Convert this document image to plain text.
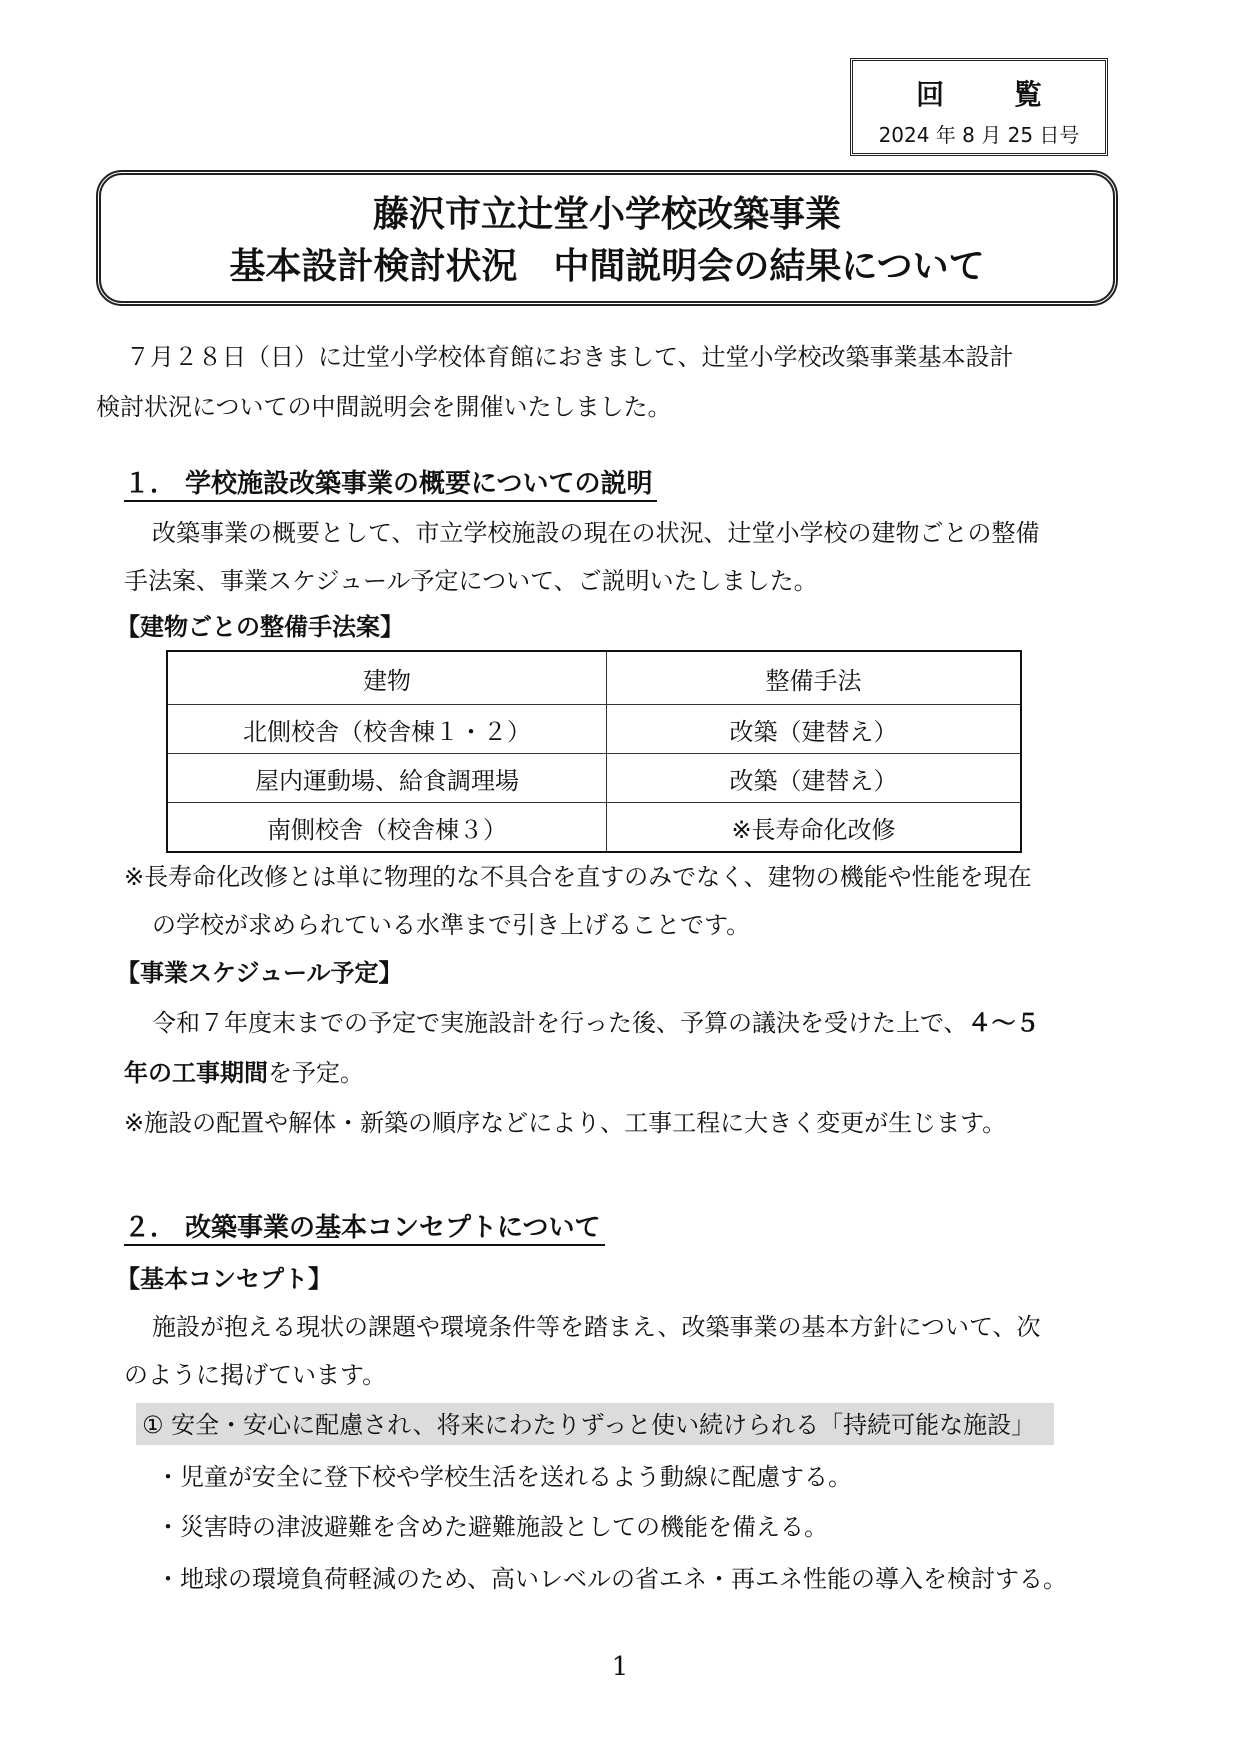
回 覧
2024 年 8 月 25 日号
藤沢市立辻堂小学校改築事業
基本設計検討状況　中間説明会の結果について
７月２８日（日）に辻堂小学校体育館におきまして、辻堂小学校改築事業基本設計
検討状況についての中間説明会を開催いたしました。
１． 学校施設改築事業の概要についての説明
改築事業の概要として、市立学校施設の現在の状況、辻堂小学校の建物ごとの整備
手法案、事業スケジュール予定について、ご説明いたしました。
【建物ごとの整備手法案】
建物	整備手法
北側校舎（校舎棟１・２）	改築（建替え）
屋内運動場、給食調理場	改築（建替え）
南側校舎（校舎棟３）	※長寿命化改修
※長寿命化改修とは単に物理的な不具合を直すのみでなく、建物の機能や性能を現在
の学校が求められている水準まで引き上げることです。
【事業スケジュール予定】
令和７年度末までの予定で実施設計を行った後、予算の議決を受けた上で、４～５
年の工事期間を予定。
※施設の配置や解体・新築の順序などにより、工事工程に大きく変更が生じます。
２． 改築事業の基本コンセプトについて
【基本コンセプト】
施設が抱える現状の課題や環境条件等を踏まえ、改築事業の基本方針について、次
のように掲げています。
① 安全・安心に配慮され、将来にわたりずっと使い続けられる「持続可能な施設」
・児童が安全に登下校や学校生活を送れるよう動線に配慮する。
・災害時の津波避難を含めた避難施設としての機能を備える。
・地球の環境負荷軽減のため、高いレベルの省エネ・再エネ性能の導入を検討する。
1
